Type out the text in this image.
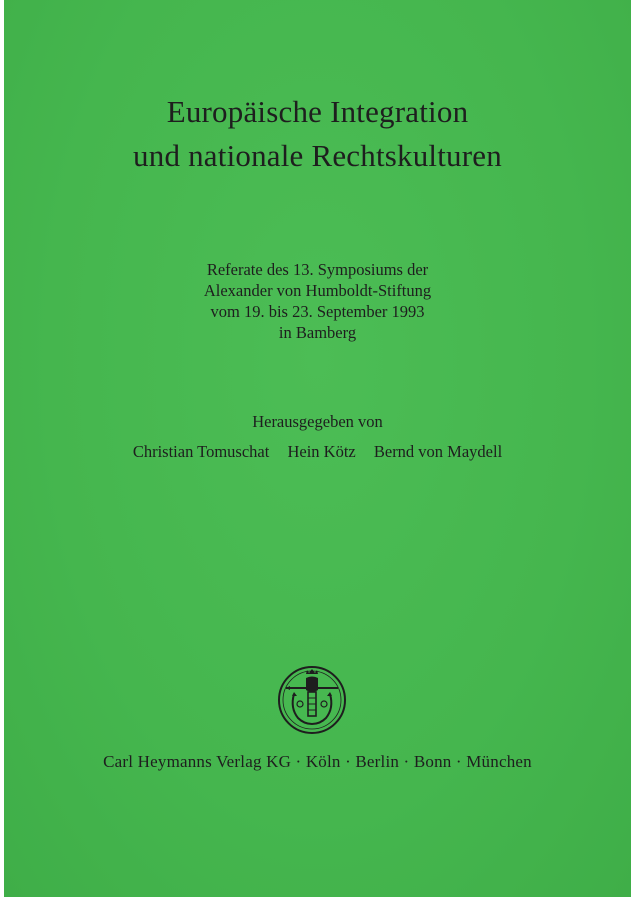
Europäische Integration
und nationale Rechtskulturen
Referate des 13. Symposiums der
Alexander von Humboldt-Stiftung
vom 19. bis 23. September 1993
in Bamberg
Herausgegeben von
Christian Tomuschat Hein Kötz Bernd von Maydell
Carl Heymanns Verlag KG · Köln · Berlin · Bonn · München
